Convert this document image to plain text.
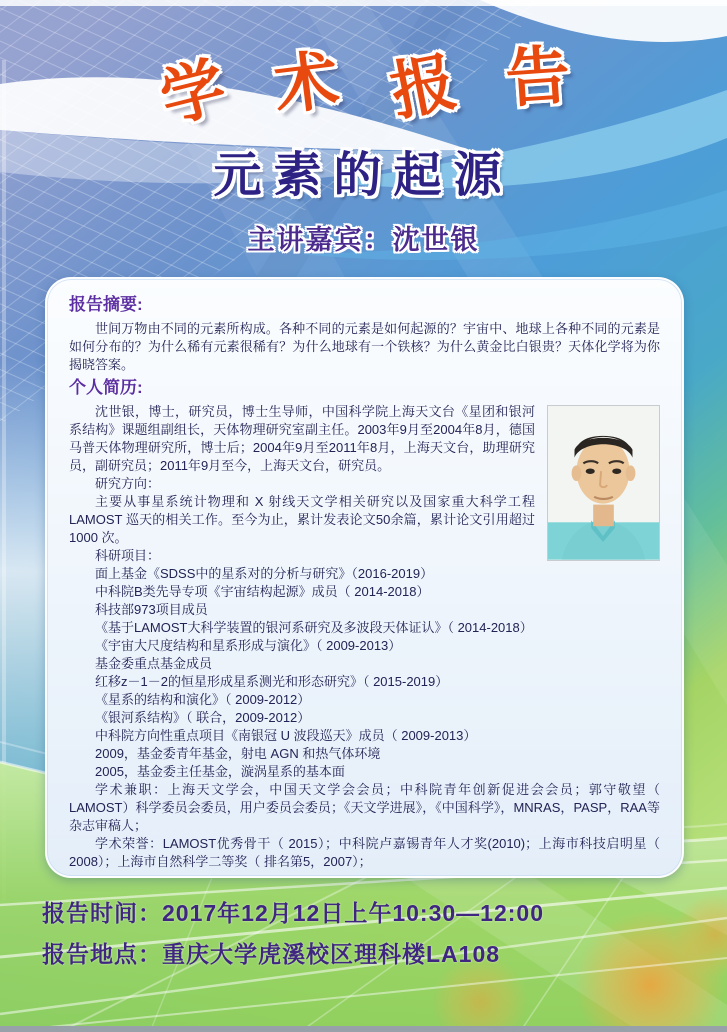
学 术 报 告
元素的起源
主讲嘉宾：沈世银
报告摘要:

世间万物由不同的元素所构成。各种不同的元素是如何起源的？宇宙中、地球上各种不同的元素是如何分布的？为什么稀有元素很稀有？为什么地球有一个铁核？为什么黄金比白银贵？天体化学将为你揭晓答案。

个人简历:

沈世银，博士，研究员，博士生导师，中国科学院上海天文台《星团和银河系结构》课题组副组长，天体物理研究室副主任。2003年9月至2004年8月，德国马普天体物理研究所，博士后；2004年9月至2011年8月，上海天文台，助理研究员，副研究员；2011年9月至今，上海天文台，研究员。

研究方向：

主要从事星系统计物理和 X 射线天文学相关研究以及国家重大科学工程LAMOST 巡天的相关工作。至今为止，累计发表论文50余篇，累计论文引用超过1000 次。

科研项目：
面上基金《SDSS中的星系对的分析与研究》（2016-2019）
中科院B类先导专项《宇宙结构起源》成员（ 2014-2018）
科技部973项目成员
《基于LAMOST大科学装置的银河系研究及多波段天体证认》（ 2014-2018）
《宇宙大尺度结构和星系形成与演化》（ 2009-2013）
基金委重点基金成员
红移z－1－2的恒星形成星系测光和形态研究》（ 2015-2019）
《星系的结构和演化》（ 2009-2012）
《银河系结构》（ 联合，2009-2012）
中科院方向性重点项目《南银冠 U 波段巡天》成员（ 2009-2013）
2009，基金委青年基金，射电 AGN 和热气体环境
2005，基金委主任基金，漩涡星系的基本面

学术兼职：上海天文学会，中国天文学会会员；中科院青年创新促进会会员；郭守敬望（ LAMOST）科学委员会委员，用户委员会委员；《天文学进展》，《中国科学》，MNRAS，PASP，RAA等杂志审稿人；

学术荣誉：LAMOST优秀骨干（ 2015）；中科院卢嘉锡青年人才奖(2010)；上海市科技启明星（ 2008）；上海市自然科学二等奖（ 排名第5，2007）；

报告时间：2017年12月12日上午10:30—12:00
报告地点：重庆大学虎溪校区理科楼LA108
